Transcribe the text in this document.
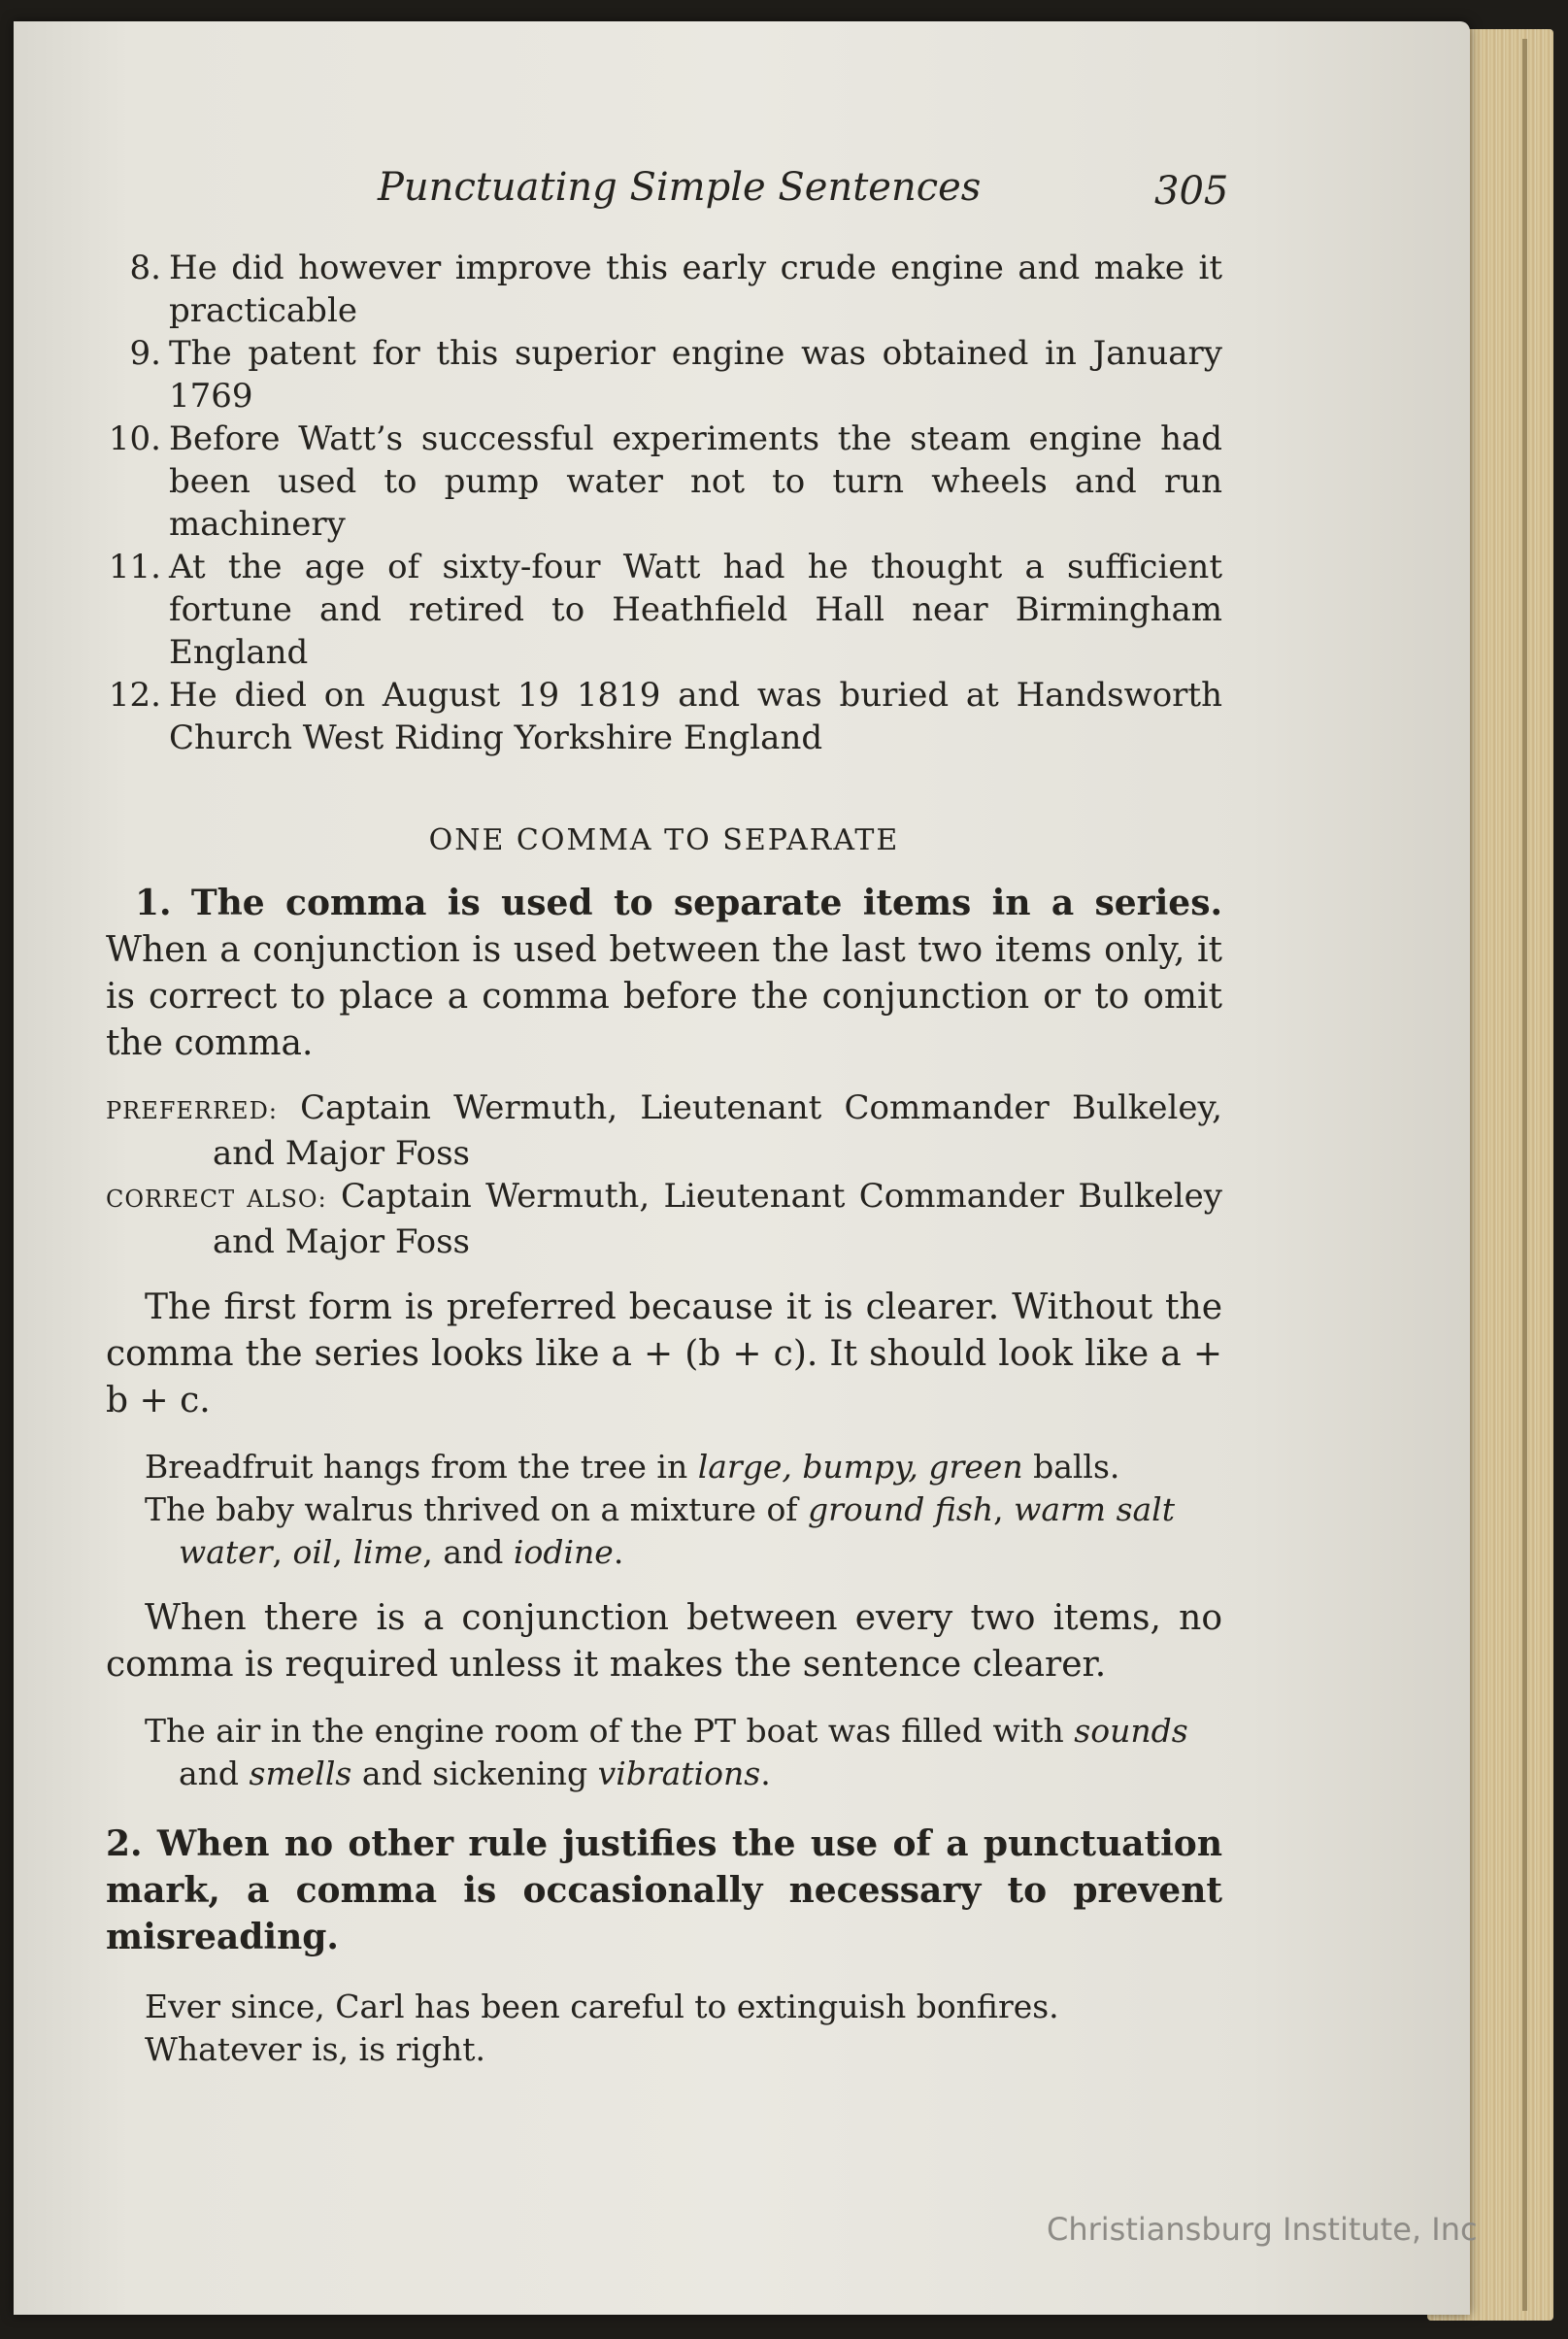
Punctuating Simple Sentences	305
8. He did however improve this early crude engine and make it practicable
9. The patent for this superior engine was obtained in January 1769
10. Before Watt’s successful experiments the steam engine had been used to pump water not to turn wheels and run machinery
11. At the age of sixty-four Watt had he thought a sufficient fortune and retired to Heathfield Hall near Birmingham England
12. He died on August 19 1819 and was buried at Handsworth Church West Riding Yorkshire England
ONE COMMA TO SEPARATE
1. The comma is used to separate items in a series. When a conjunction is used between the last two items only, it is correct to place a comma before the conjunction or to omit the comma.
PREFERRED: Captain Wermuth, Lieutenant Commander Bulkeley, and Major Foss
CORRECT ALSO: Captain Wermuth, Lieutenant Commander Bulkeley and Major Foss
The first form is preferred because it is clearer. Without the comma the series looks like a + (b + c). It should look like a + b + c.
Breadfruit hangs from the tree in large, bumpy, green balls.
The baby walrus thrived on a mixture of ground fish, warm salt water, oil, lime, and iodine.
When there is a conjunction between every two items, no comma is required unless it makes the sentence clearer.
The air in the engine room of the PT boat was filled with sounds and smells and sickening vibrations.
2. When no other rule justifies the use of a punctuation mark, a comma is occasionally necessary to prevent misreading.
Ever since, Carl has been careful to extinguish bonfires.
Whatever is, is right.
Christiansburg Institute, Inc
